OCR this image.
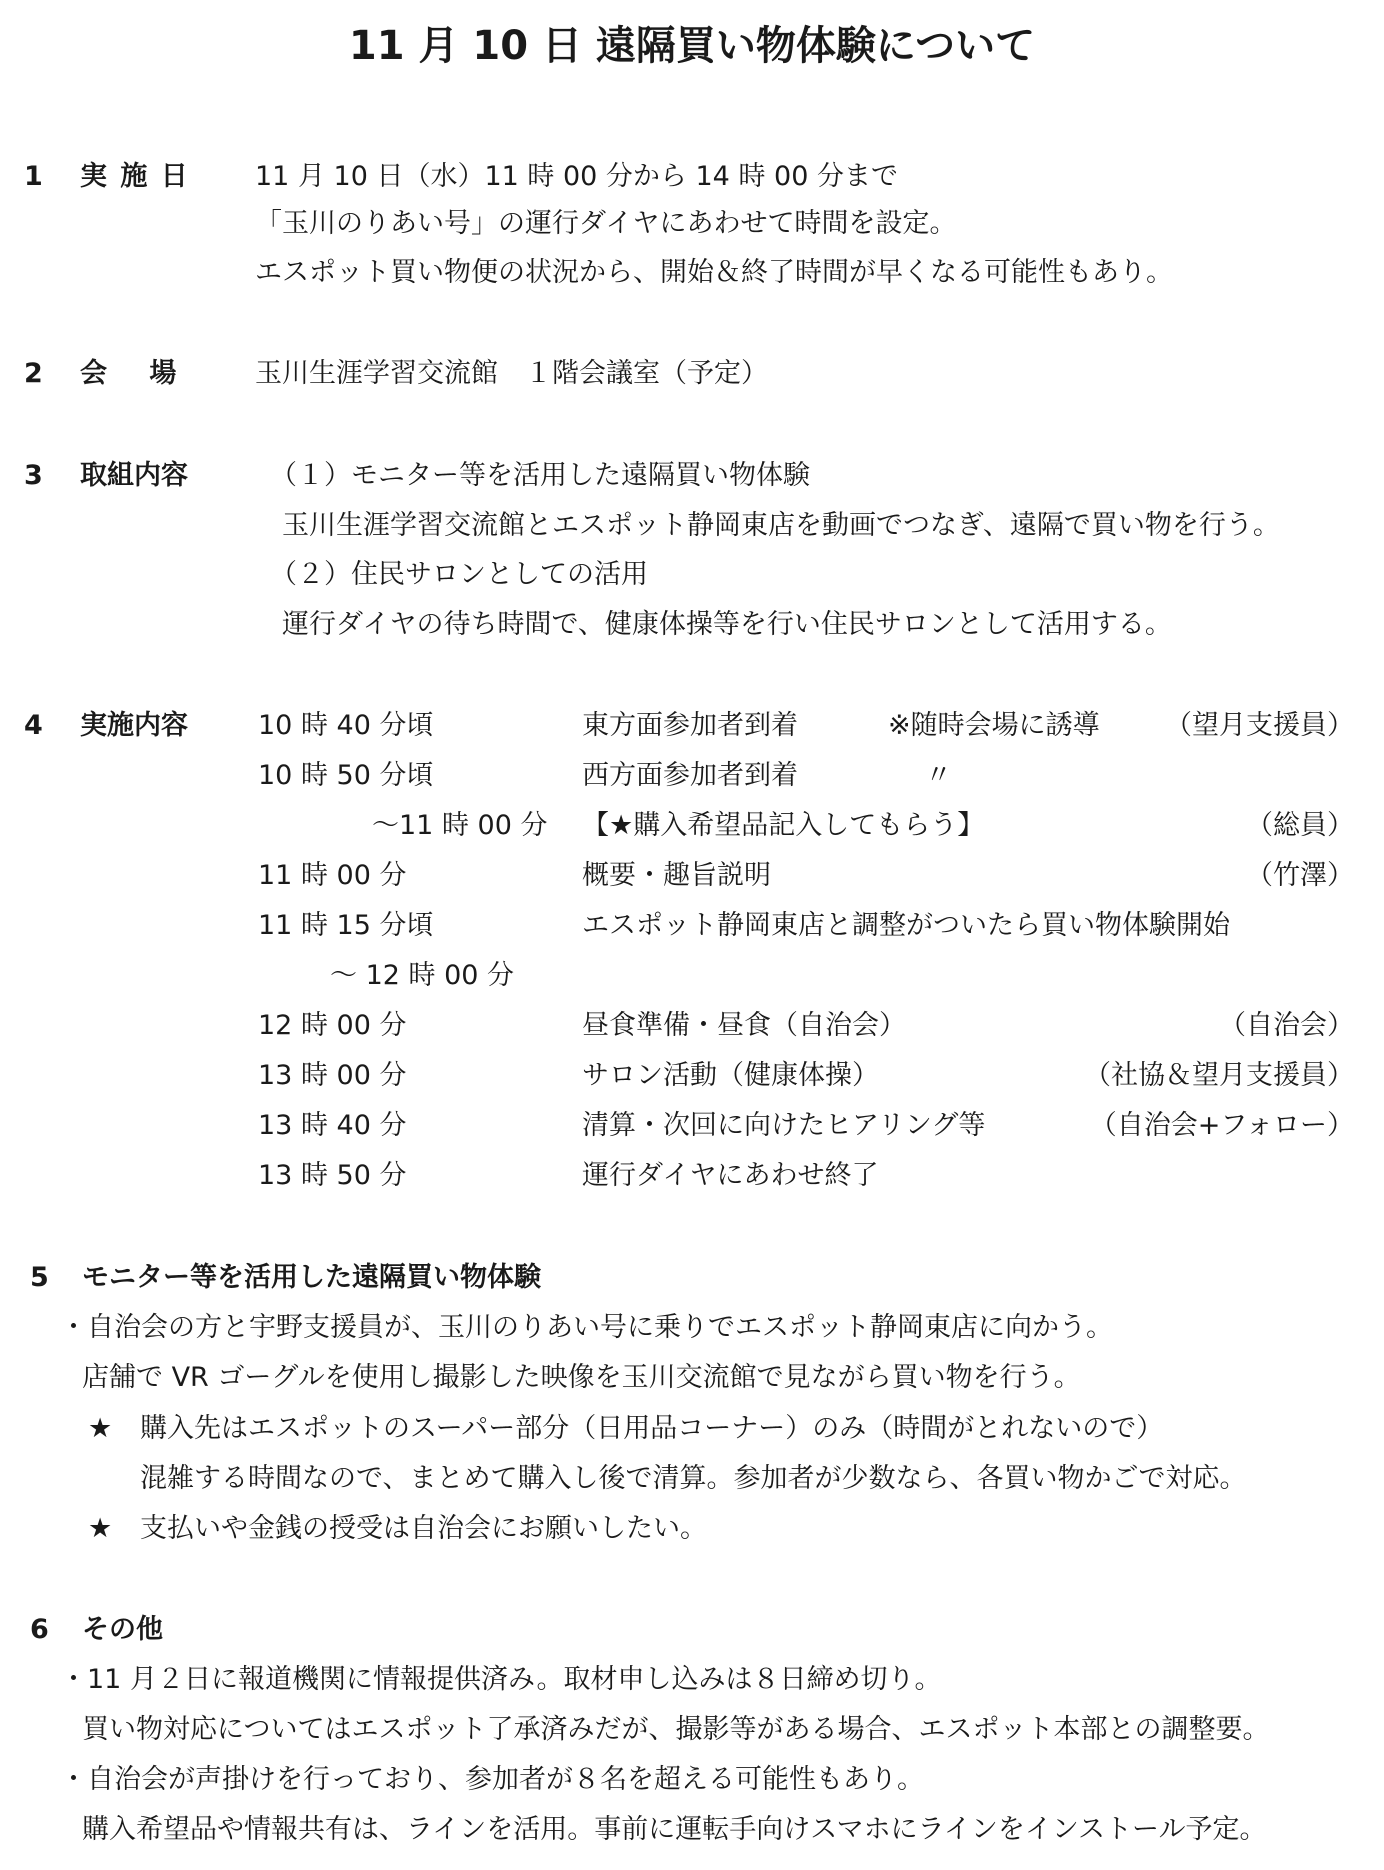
11 月 10 日 遠隔買い物体験について
1 実 施 日 11 月 10 日（水）11 時 00 分から 14 時 00 分まで
「玉川のりあい号」の運行ダイヤにあわせて時間を設定。
エスポット買い物便の状況から、開始＆終了時間が早くなる可能性もあり。
2 会　 場	玉川生涯学習交流館　１階会議室（予定）
3 取組内容	（１）モニター等を活用した遠隔買い物体験
玉川生涯学習交流館とエスポット静岡東店を動画でつなぎ、遠隔で買い物を行う。
（２）住民サロンとしての活用
運行ダイヤの待ち時間で、健康体操等を行い住民サロンとして活用する。
4 実施内容	10 時 40 分頃	東方面参加者到着	※随時会場に誘導 （望月支援員）
10 時 50 分頃	西方面参加者到着	〃
～11 時 00 分 【★購入希望品記入してもらう】	（総員）
11 時 00 分	概要・趣旨説明	（竹澤）
11 時 15 分頃	エスポット静岡東店と調整がついたら買い物体験開始
～ 12 時 00 分
12 時 00 分	昼食準備・昼食（自治会）	（自治会）
13 時 00 分	サロン活動（健康体操）	（社協＆望月支援員）
13 時 40 分	清算・次回に向けたヒアリング等	（自治会+フォロー）
13 時 50 分	運行ダイヤにあわせ終了
5 モニター等を活用した遠隔買い物体験
・自治会の方と宇野支援員が、玉川のりあい号に乗りでエスポット静岡東店に向かう。
店舗で VR ゴーグルを使用し撮影した映像を玉川交流館で見ながら買い物を行う。
★ 購入先はエスポットのスーパー部分（日用品コーナー）のみ（時間がとれないので）
混雑する時間なので、まとめて購入し後で清算。参加者が少数なら、各買い物かごで対応。
★ 支払いや金銭の授受は自治会にお願いしたい。
6 その他
・11 月２日に報道機関に情報提供済み。取材申し込みは８日締め切り。
買い物対応についてはエスポット了承済みだが、撮影等がある場合、エスポット本部との調整要。
・自治会が声掛けを行っており、参加者が８名を超える可能性もあり。
購入希望品や情報共有は、ラインを活用。事前に運転手向けスマホにラインをインストール予定。
